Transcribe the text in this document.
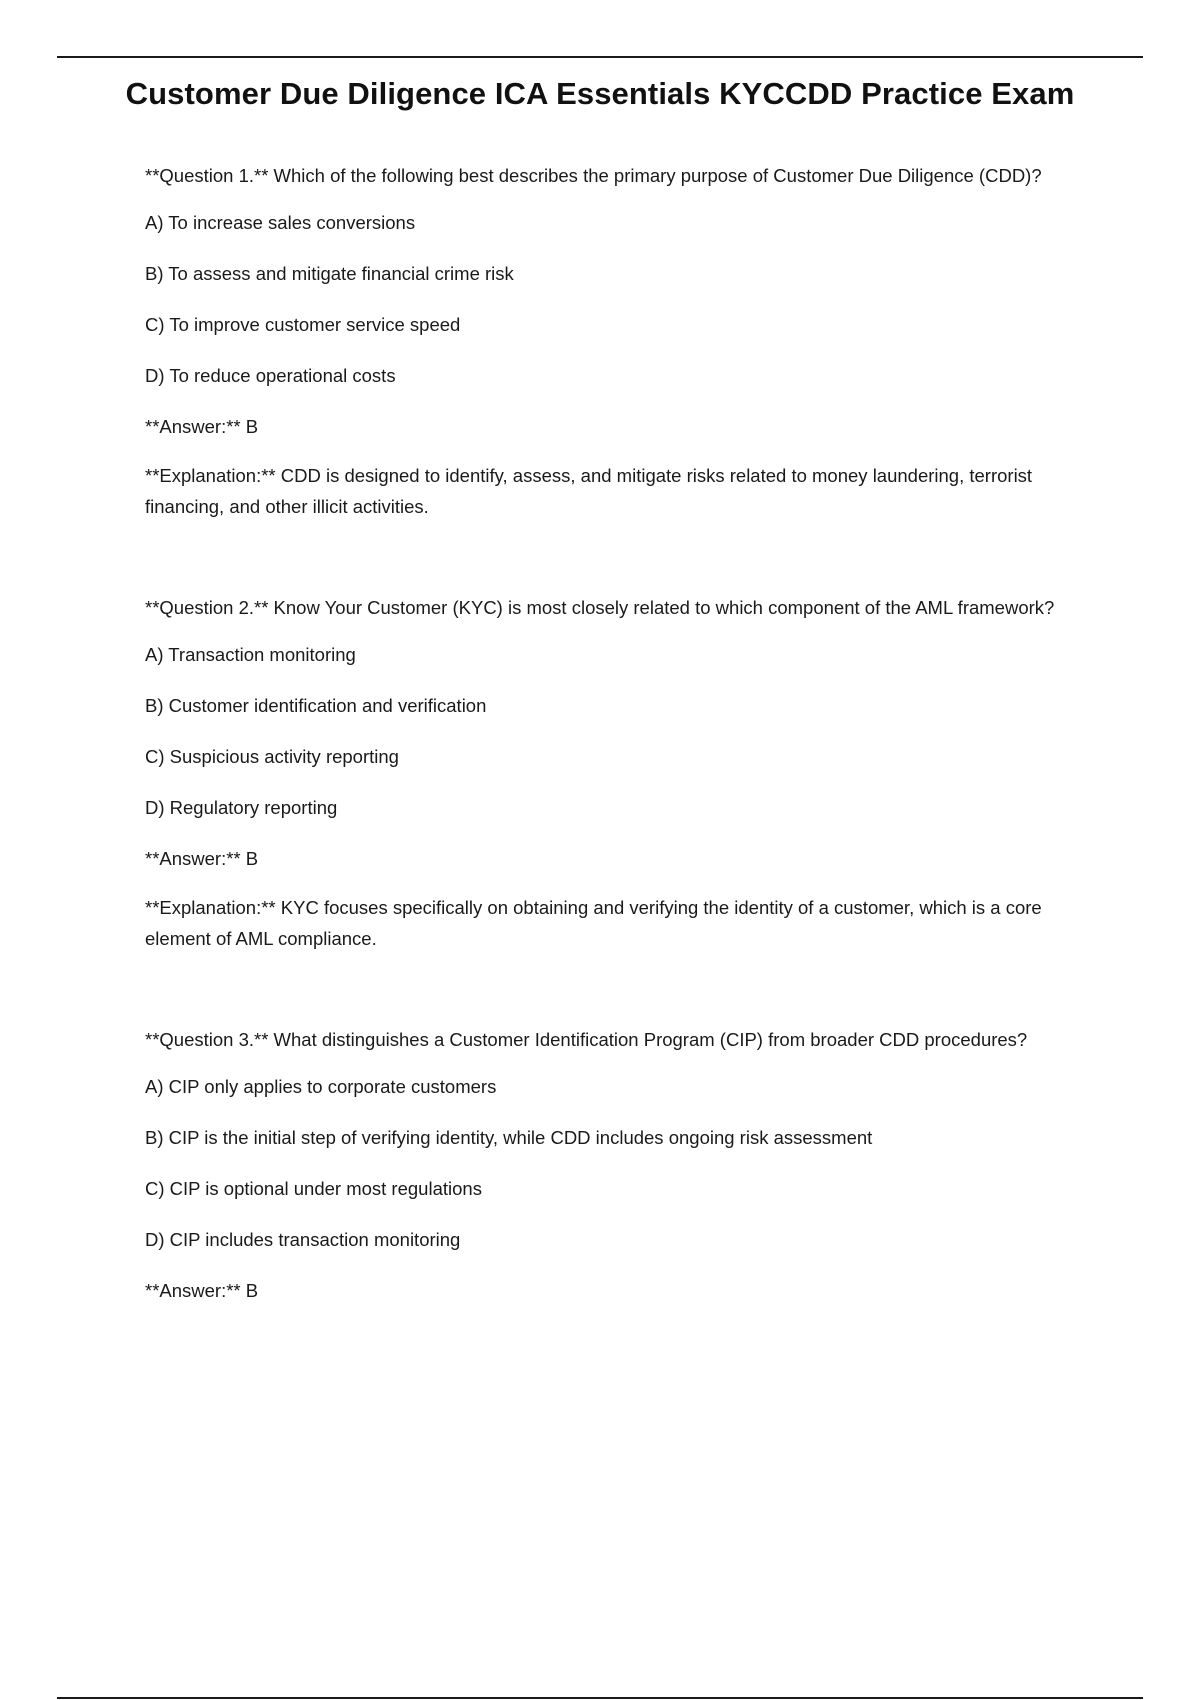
Customer Due Diligence ICA Essentials KYCCDD Practice Exam

**Question 1.** Which of the following best describes the primary purpose of Customer Due Diligence (CDD)?

A) To increase sales conversions

B) To assess and mitigate financial crime risk

C) To improve customer service speed

D) To reduce operational costs

**Answer:** B

**Explanation:** CDD is designed to identify, assess, and mitigate risks related to money laundering, terrorist financing, and other illicit activities.

**Question 2.** Know Your Customer (KYC) is most closely related to which component of the AML framework?

A) Transaction monitoring

B) Customer identification and verification

C) Suspicious activity reporting

D) Regulatory reporting

**Answer:** B

**Explanation:** KYC focuses specifically on obtaining and verifying the identity of a customer, which is a core element of AML compliance.

**Question 3.** What distinguishes a Customer Identification Program (CIP) from broader CDD procedures?

A) CIP only applies to corporate customers

B) CIP is the initial step of verifying identity, while CDD includes ongoing risk assessment

C) CIP is optional under most regulations

D) CIP includes transaction monitoring

**Answer:** B
